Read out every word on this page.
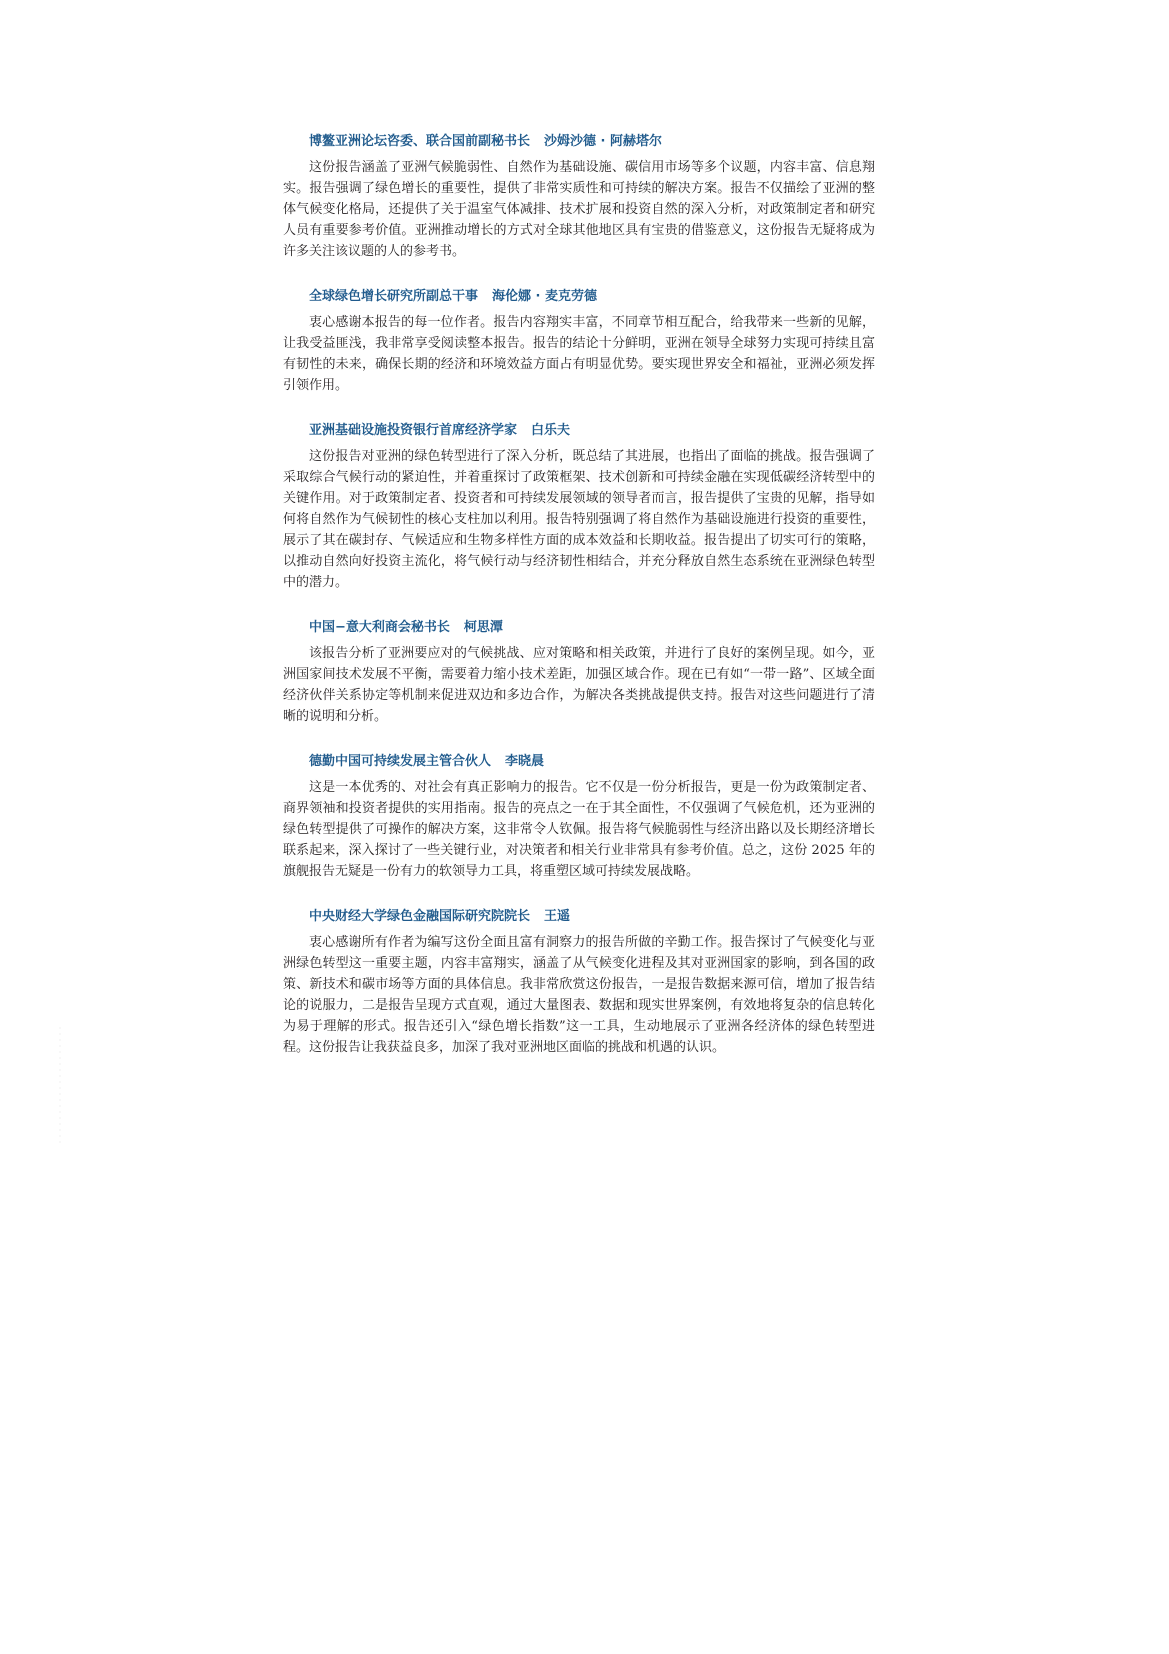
博鳌亚洲论坛咨委、联合国前副秘书长 沙姆沙德 · 阿赫塔尔

这份报告涵盖了亚洲气候脆弱性、自然作为基础设施、碳信用市场等多个议题，内容丰富、信息翔实。报告强调了绿色增长的重要性，提供了非常实质性和可持续的解决方案。报告不仅描绘了亚洲的整体气候变化格局，还提供了关于温室气体减排、技术扩展和投资自然的深入分析，对政策制定者和研究人员有重要参考价值。亚洲推动增长的方式对全球其他地区具有宝贵的借鉴意义，这份报告无疑将成为许多关注该议题的人的参考书。

全球绿色增长研究所副总干事 海伦娜 · 麦克劳德

衷心感谢本报告的每一位作者。报告内容翔实丰富，不同章节相互配合，给我带来一些新的见解，让我受益匪浅，我非常享受阅读整本报告。报告的结论十分鲜明，亚洲在领导全球努力实现可持续且富有韧性的未来，确保长期的经济和环境效益方面占有明显优势。要实现世界安全和福祉，亚洲必须发挥引领作用。

亚洲基础设施投资银行首席经济学家 白乐夫

这份报告对亚洲的绿色转型进行了深入分析，既总结了其进展，也指出了面临的挑战。报告强调了采取综合气候行动的紧迫性，并着重探讨了政策框架、技术创新和可持续金融在实现低碳经济转型中的关键作用。对于政策制定者、投资者和可持续发展领域的领导者而言，报告提供了宝贵的见解，指导如何将自然作为气候韧性的核心支柱加以利用。报告特别强调了将自然作为基础设施进行投资的重要性，展示了其在碳封存、气候适应和生物多样性方面的成本效益和长期收益。报告提出了切实可行的策略，以推动自然向好投资主流化，将气候行动与经济韧性相结合，并充分释放自然生态系统在亚洲绿色转型中的潜力。

中国−意大利商会秘书长 柯思潭

该报告分析了亚洲要应对的气候挑战、应对策略和相关政策，并进行了良好的案例呈现。如今，亚洲国家间技术发展不平衡，需要着力缩小技术差距，加强区域合作。现在已有如“一带一路”、区域全面经济伙伴关系协定等机制来促进双边和多边合作，为解决各类挑战提供支持。报告对这些问题进行了清晰的说明和分析。

德勤中国可持续发展主管合伙人 李晓晨

这是一本优秀的、对社会有真正影响力的报告。它不仅是一份分析报告，更是一份为政策制定者、商界领袖和投资者提供的实用指南。报告的亮点之一在于其全面性，不仅强调了气候危机，还为亚洲的绿色转型提供了可操作的解决方案，这非常令人钦佩。报告将气候脆弱性与经济出路以及长期经济增长联系起来，深入探讨了一些关键行业，对决策者和相关行业非常具有参考价值。总之，这份 2025 年的旗舰报告无疑是一份有力的软领导力工具，将重塑区域可持续发展战略。

中央财经大学绿色金融国际研究院院长 王遥

衷心感谢所有作者为编写这份全面且富有洞察力的报告所做的辛勤工作。报告探讨了气候变化与亚洲绿色转型这一重要主题，内容丰富翔实，涵盖了从气候变化进程及其对亚洲国家的影响，到各国的政策、新技术和碳市场等方面的具体信息。我非常欣赏这份报告，一是报告数据来源可信，增加了报告结论的说服力，二是报告呈现方式直观，通过大量图表、数据和现实世界案例，有效地将复杂的信息转化为易于理解的形式。报告还引入“绿色增长指数”这一工具，生动地展示了亚洲各经济体的绿色转型进程。这份报告让我获益良多，加深了我对亚洲地区面临的挑战和机遇的认识。
